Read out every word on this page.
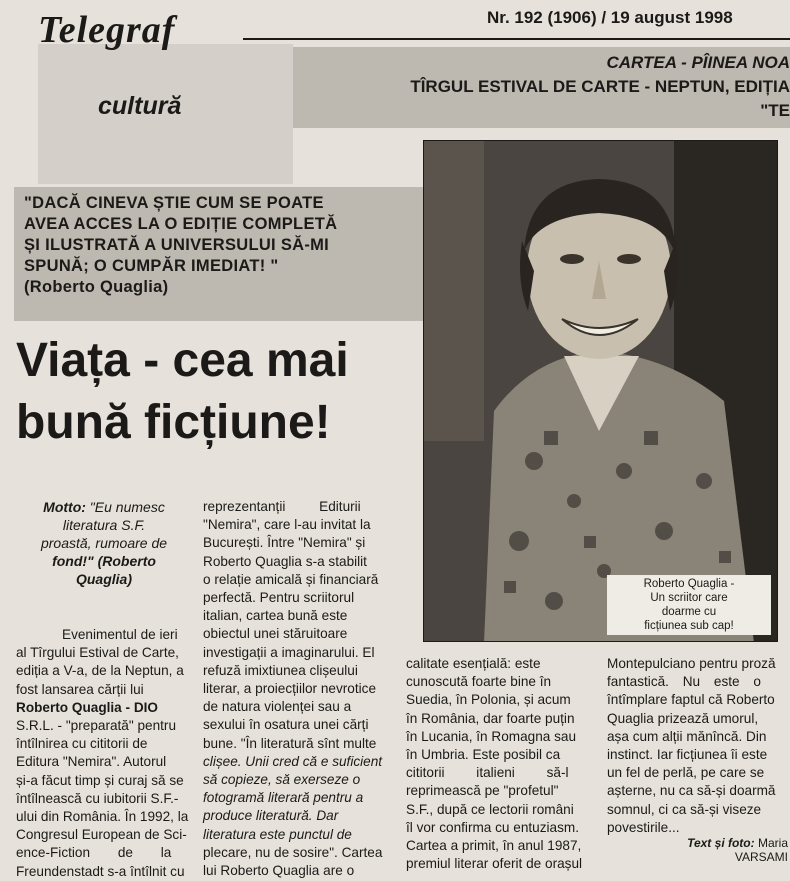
Telegraf	Nr. 192 (1906) / 19 august 1998
CARTEA - PÎINEA NOA
TÎRGUL ESTIVAL DE CARTE - NEPTUN, EDIȚIA
"TE
cultură
"DACĂ CINEVA ȘTIE CUM SE POATE
AVEA ACCES LA O EDIȚIE COMPLETĂ
ȘI ILUSTRATĂ A UNIVERSULUI SĂ-MI
SPUNĂ; O CUMPĂR IMEDIAT! "
(Roberto Quaglia)
Viața - cea mai
bună ficțiune!
Roberto Quaglia -
Un scriitor care
doarme cu
ficțiunea sub cap!
Motto: "Eu numesc
literatura S.F.
proastă, rumoare de
fond!" (Roberto
Quaglia)
Evenimentul de ieri
al Tîrgului Estival de Carte,
ediția a V-a, de la Neptun, a
fost lansarea cărții lui
Roberto Quaglia - DIO
S.R.L. - "preparată" pentru
întîlnirea cu cititorii de
Editura "Nemira". Autorul
și-a făcut timp și curaj să se
întîlnească cu iubitorii S.F.-
ului din România. În 1992, la
Congresul European de Sci-
ence-Fiction de la
Freundenstadt s-a întîlnit cu
reprezentanții Editurii
"Nemira", care l-au invitat la
București. Între "Nemira" și
Roberto Quaglia s-a stabilit
o relație amicală și financiară
perfectă. Pentru scriitorul
italian, cartea bună este
obiectul unei stăruitoare
investigații a imaginarului. El
refuză imixtiunea clișeului
literar, a proiecțiilor nevrotice
de natura violenței sau a
sexului în osatura unei cărți
bune. "În literatură sînt multe
clișee. Unii cred că e suficient
să copieze, să exerseze o
fotogramă literară pentru a
produce literatură. Dar
literatura este punctul de
plecare, nu de sosire". Cartea
lui Roberto Quaglia are o
calitate esențială: este
cunoscută foarte bine în
Suedia, în Polonia, și acum
în România, dar foarte puțin
în Lucania, în Romagna sau
în Umbria. Este posibil ca
cititorii italieni să-l
reprimească pe "profetul"
S.F., după ce lectorii români
îl vor confirma cu entuziasm.
Cartea a primit, în anul 1987,
premiul literar oferit de orașul
Montepulciano pentru proză
fantastică. Nu este o
întîmplare faptul că Roberto
Quaglia prizează umorul,
așa cum alții mănîncă. Din
instinct. Iar ficțiunea îi este
un fel de perlă, pe care se
așterne, nu ca să-și doarmă
somnul, ci ca să-și viseze
povestirile...
Text și foto: Maria
VARSAMI
